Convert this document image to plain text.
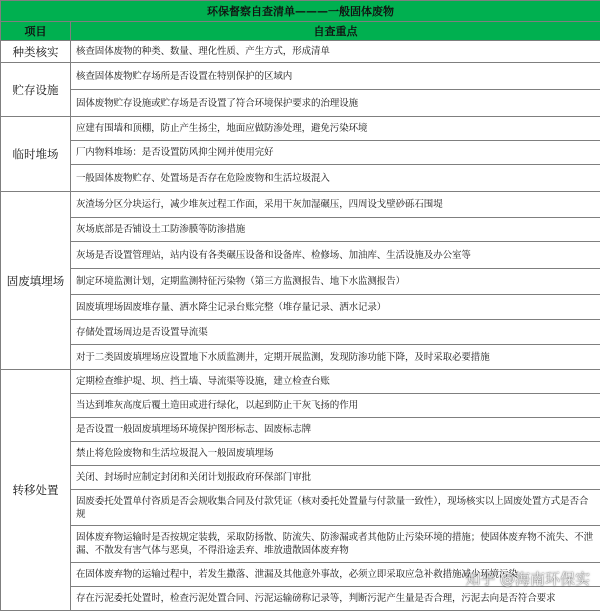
环保督察自查清单———一般固体废物	
项目	自查重点
种类核实	核查固体废物的种类、数量、理化性质、产生方式，形成清单
贮存设施	核查固体废物贮存场所是否设置在特别保护的区域内
	固体废物贮存设施或贮存场是否设置了符合环境保护要求的治理设施
临时堆场	应建有围墙和顶棚，防止产生扬尘，地面应做防渗处理，避免污染环境
	厂内物料堆场：是否设置防风抑尘网并使用完好
	一般固体废物贮存、处置场是否存在危险废物和生活垃圾混入
固废填埋场	灰渣场分区分块运行，减少堆灰过程工作面，采用干灰加湿碾压，四周设戈壁砂砾石围堤
	灰场底部是否铺设土工防渗膜等防渗措施
	灰场是否设置管理站，站内设有各类碾压设备和设备库、检修场、加油库、生活设施及办公室等
	制定环境监测计划，定期监测特征污染物（第三方监测报告、地下水监测报告）
	固废填埋场固废堆存量、洒水降尘记录台账完整（堆存量记录、洒水记录）
	存储处置场周边是否设置导流渠
	对于二类固废填埋场应设置地下水质监测井，定期开展监测，发现防渗功能下降，及时采取必要措施
转移处置	定期检查维护堤、坝、挡土墙、导流渠等设施，建立检查台账
	当达到堆灰高度后覆土造田或进行绿化，以起到防止干灰飞扬的作用
	是否设置一般固废填埋场环境保护图形标志、固废标志牌
	禁止将危险废物和生活垃圾混入一般固废填埋场
	关闭、封场时应制定封闭和关闭计划报政府环保部门审批
	固废委托处置单付咨质是否会规收集合同及付款凭证（核对委托处置量与付款量一致性），现场核实以上固废处置方式是否合规
	固体废弃物运输时是否按规定装载，采取防扬散、防流失、防渗漏或者其他防止污染环境的措施；使固体废弃物不流失、不泄漏、不散发有害气体与恶臭，不得沿途丢弃、堆放遗散固体废弃物
	在固体废弃物的运输过程中，若发生撒落、泄漏及其他意外事故，必须立即采取应急补救措施减少环境污染
	存在污泥委托处置时，检查污泥处置合同、污泥运输磅称记录等，判断污泥产生量是否合理，污泥去向是否符合要求
知乎 @海南环保实
